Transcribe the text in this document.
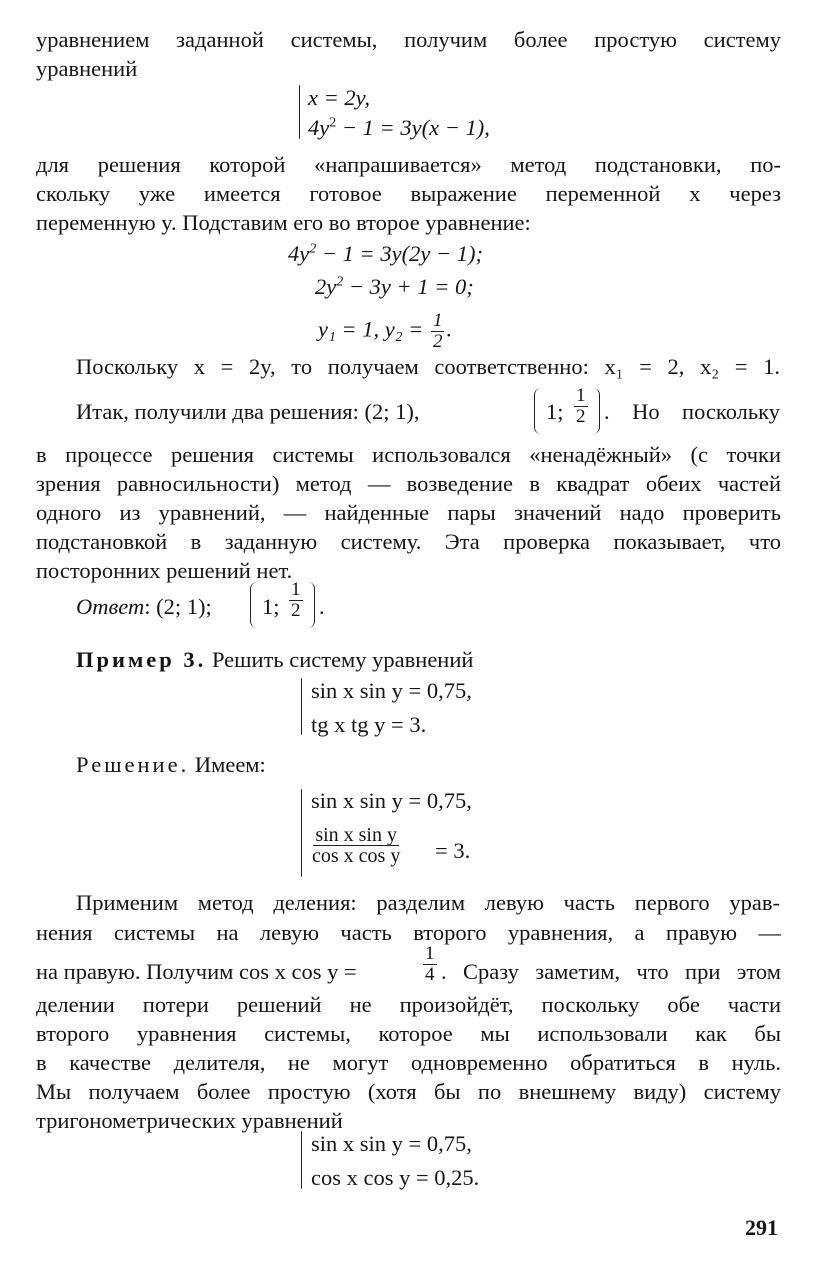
уравнением заданной системы, получим более простую систему
уравнений
x = 2y,
$4y^2 - 1 = 3y(x - 1)$,
для решения которой «напрашивается» метод подстановки, по-
скольку уже имеется готовое выражение переменной x через
переменную y. Подставим его во второе уравнение:
$4y^2 - 1 = 3y(2y - 1)$;
$2y^2 - 3y + 1 = 0$;
y₁ = 1, $y_2 = \frac{1}{2}$ .
Поскольку x = 2y, то получаем соответственно: x₁ = 2, x₂ = 1.
Итак, получили два решения: (2; 1),	1; $\frac{1}{2}$ . Но поскольку
в процессе решения системы использовался «ненадёжный» (с точки
зрения равносильности) метод — возведение в квадрат обеих частей
одного из уравнений, — найденные пары значений надо проверить
подстановкой в заданную систему. Эта проверка показывает, что
посторонних решений нет.
Ответ: (2; 1); 1; $\frac{1}{2}$ .
Пример 3. Решить систему уравнений
sin x sin y = 0,75,
tg x tg y = 3.
Решение. Имеем:
sin x sin y = 0,75,
$\frac{\text{sin x sin y}}{\text{cos x cos y}} = 3$.
Применим метод деления: разделим левую часть первого урав-
нения системы на левую часть второго уравнения, а правую —
на правую. Получим cos x cos y =	$\frac{1}{4}$ . Сразу заметим, что при этом
делении потери решений не произойдёт, поскольку обе части
второго уравнения системы, которое мы использовали как бы
в качестве делителя, не могут одновременно обратиться в нуль.
Мы получаем более простую (хотя бы по внешнему виду) систему
тригонометрических уравнений
sin x sin y = 0,75,
cos x cos y = 0,25.
291
